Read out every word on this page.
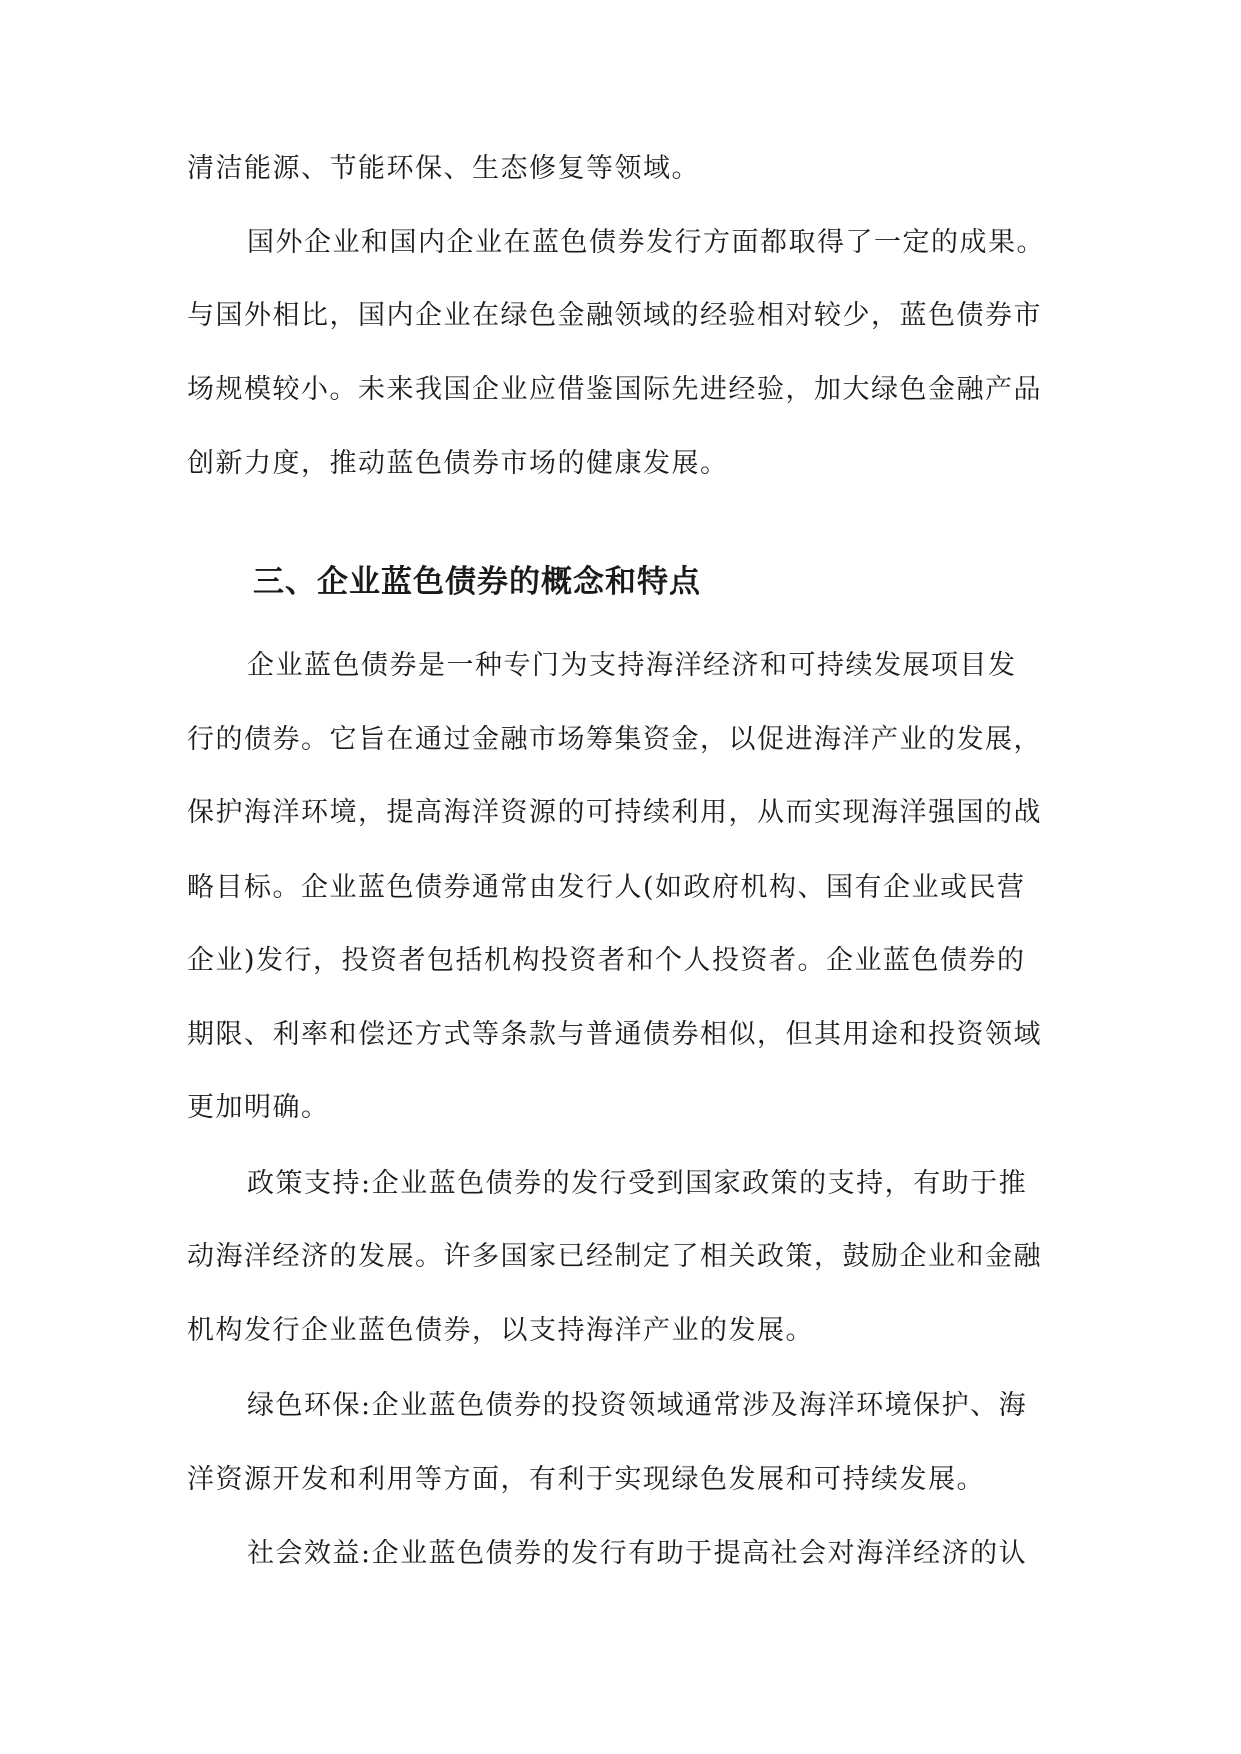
清洁能源、节能环保、生态修复等领域。
国外企业和国内企业在蓝色债券发行方面都取得了一定的成果。
与国外相比，国内企业在绿色金融领域的经验相对较少，蓝色债券市
场规模较小。未来我国企业应借鉴国际先进经验，加大绿色金融产品
创新力度，推动蓝色债券市场的健康发展。
三、企业蓝色债券的概念和特点
企业蓝色债券是一种专门为支持海洋经济和可持续发展项目发
行的债券。它旨在通过金融市场筹集资金，以促进海洋产业的发展，
保护海洋环境，提高海洋资源的可持续利用，从而实现海洋强国的战
略目标。企业蓝色债券通常由发行人(如政府机构、国有企业或民营
企业)发行，投资者包括机构投资者和个人投资者。企业蓝色债券的
期限、利率和偿还方式等条款与普通债券相似，但其用途和投资领域
更加明确。
政策支持:企业蓝色债券的发行受到国家政策的支持，有助于推
动海洋经济的发展。许多国家已经制定了相关政策，鼓励企业和金融
机构发行企业蓝色债券，以支持海洋产业的发展。
绿色环保:企业蓝色债券的投资领域通常涉及海洋环境保护、海
洋资源开发和利用等方面，有利于实现绿色发展和可持续发展。
社会效益:企业蓝色债券的发行有助于提高社会对海洋经济的认
